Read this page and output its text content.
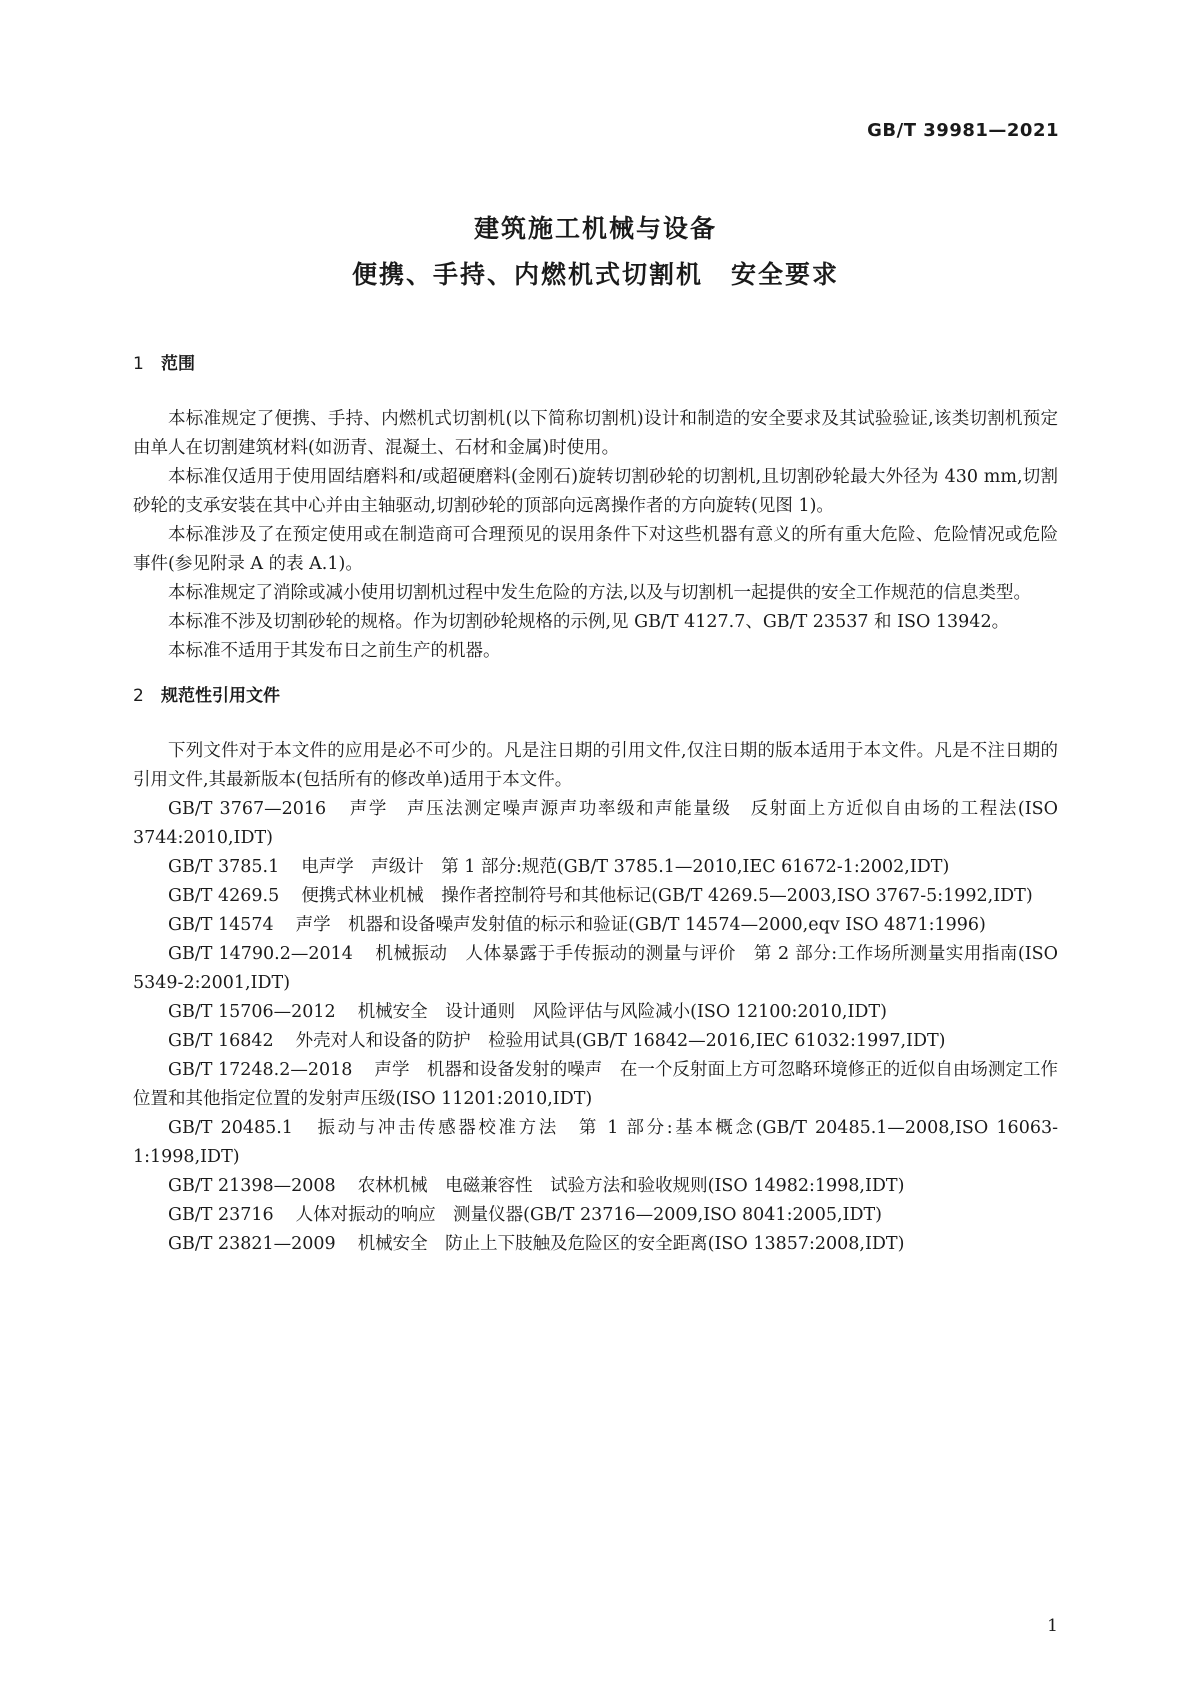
GB/T 39981—2021
建筑施工机械与设备
便携、手持、内燃机式切割机 安全要求
1 范围

本标准规定了便携、手持、内燃机式切割机(以下简称切割机)设计和制造的安全要求及其试验验证,该类切割机预定由单人在切割建筑材料(如沥青、混凝土、石材和金属)时使用。

本标准仅适用于使用固结磨料和/或超硬磨料(金刚石)旋转切割砂轮的切割机,且切割砂轮最大外径为 430 mm,切割砂轮的支承安装在其中心并由主轴驱动,切割砂轮的顶部向远离操作者的方向旋转(见图 1)。

本标准涉及了在预定使用或在制造商可合理预见的误用条件下对这些机器有意义的所有重大危险、危险情况或危险事件(参见附录 A 的表 A.1)。

本标准规定了消除或减小使用切割机过程中发生危险的方法,以及与切割机一起提供的安全工作规范的信息类型。

本标准不涉及切割砂轮的规格。作为切割砂轮规格的示例,见 GB/T 4127.7、GB/T 23537 和 ISO 13942。

本标准不适用于其发布日之前生产的机器。

2 规范性引用文件

下列文件对于本文件的应用是必不可少的。凡是注日期的引用文件,仅注日期的版本适用于本文件。凡是不注日期的引用文件,其最新版本(包括所有的修改单)适用于本文件。

GB/T 3767—2016 声学　声压法测定噪声源声功率级和声能量级　反射面上方近似自由场的工程法(ISO 3744:2010,IDT)

GB/T 3785.1 电声学　声级计　第 1 部分:规范(GB/T 3785.1—2010,IEC 61672-1:2002,IDT)

GB/T 4269.5 便携式林业机械　操作者控制符号和其他标记(GB/T 4269.5—2003,ISO 3767-5:1992,IDT)

GB/T 14574 声学　机器和设备噪声发射值的标示和验证(GB/T 14574—2000,eqv ISO 4871:1996)

GB/T 14790.2—2014 机械振动　人体暴露于手传振动的测量与评价　第 2 部分:工作场所测量实用指南(ISO 5349-2:2001,IDT)

GB/T 15706—2012 机械安全　设计通则　风险评估与风险减小(ISO 12100:2010,IDT)

GB/T 16842 外壳对人和设备的防护　检验用试具(GB/T 16842—2016,IEC 61032:1997,IDT)

GB/T 17248.2—2018 声学　机器和设备发射的噪声　在一个反射面上方可忽略环境修正的近似自由场测定工作位置和其他指定位置的发射声压级(ISO 11201:2010,IDT)

GB/T 20485.1 振动与冲击传感器校准方法　第 1 部分:基本概念(GB/T 20485.1—2008,ISO 16063-1:1998,IDT)

GB/T 21398—2008 农林机械　电磁兼容性　试验方法和验收规则(ISO 14982:1998,IDT)

GB/T 23716 人体对振动的响应　测量仪器(GB/T 23716—2009,ISO 8041:2005,IDT)

GB/T 23821—2009 机械安全　防止上下肢触及危险区的安全距离(ISO 13857:2008,IDT)

1
